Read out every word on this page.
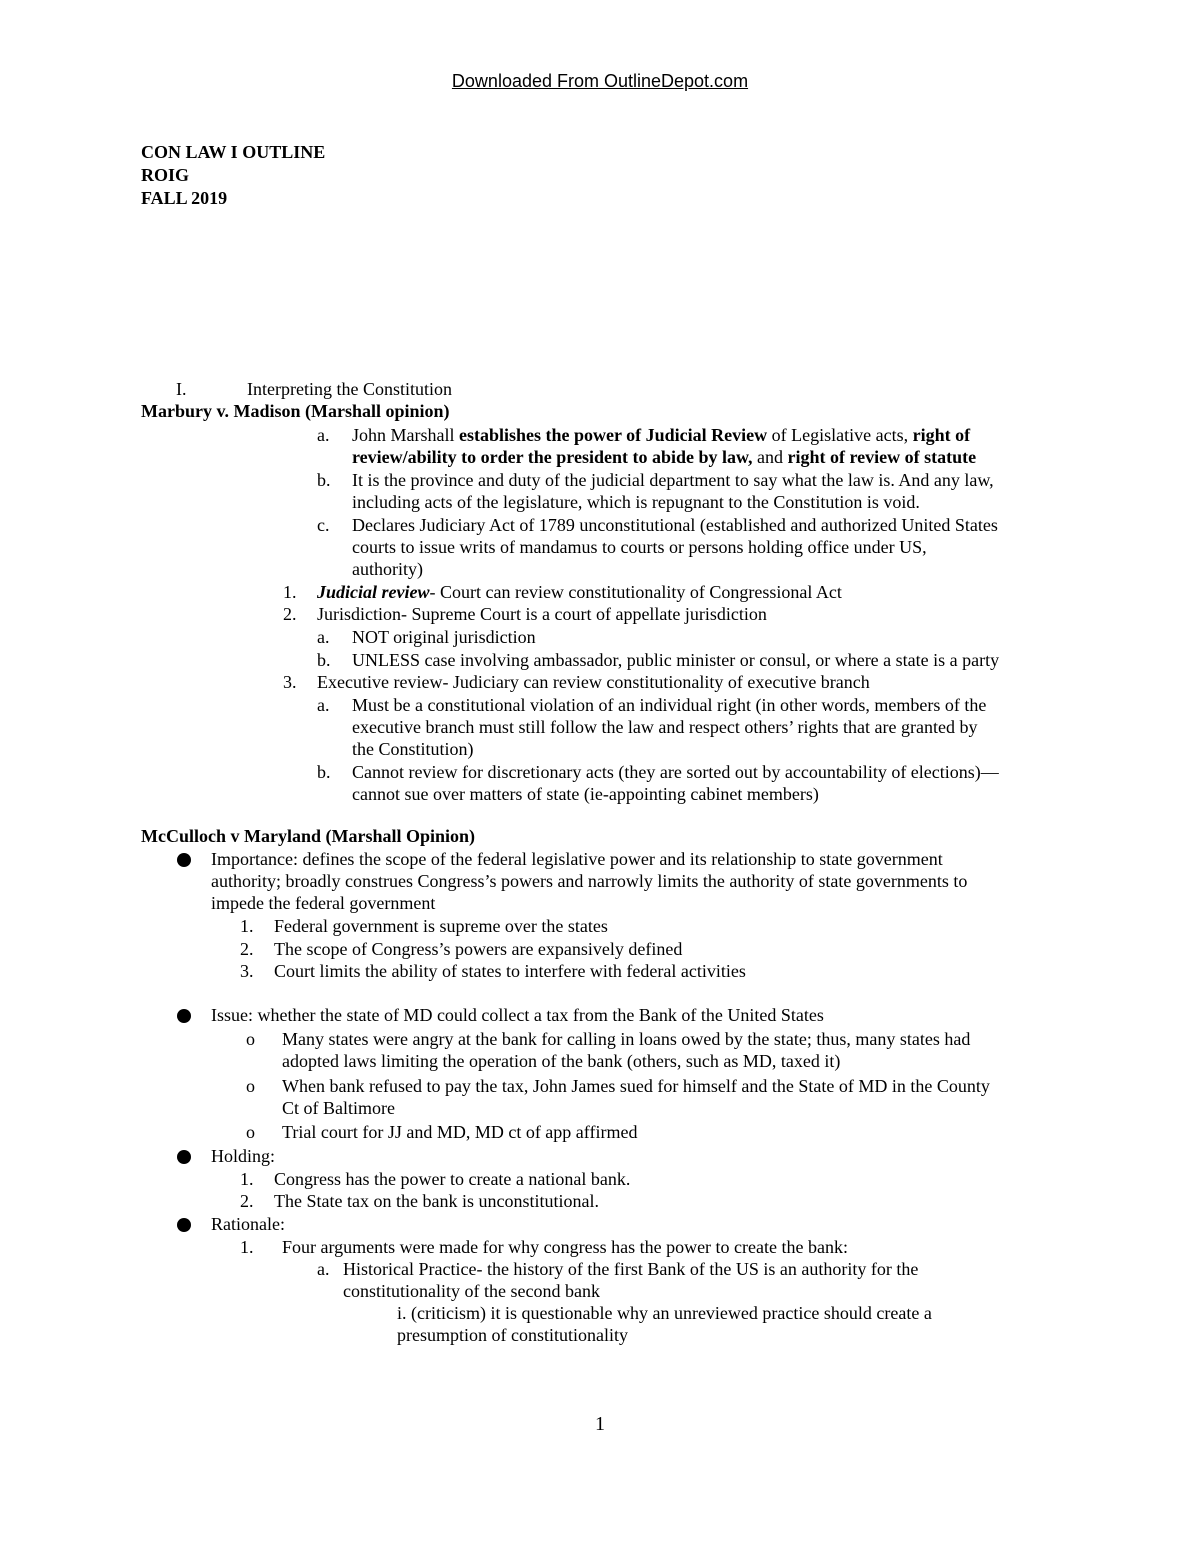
Downloaded From OutlineDepot.com
CON LAW I OUTLINE
ROIG
FALL 2019
I.	Interpreting the Constitution
Marbury v. Madison (Marshall opinion)
a. John Marshall establishes the power of Judicial Review of Legislative acts, right of
review/ability to order the president to abide by law, and right of review of statute
b. It is the province and duty of the judicial department to say what the law is. And any law,
including acts of the legislature, which is repugnant to the Constitution is void.
c. Declares Judiciary Act of 1789 unconstitutional (established and authorized United States
courts to issue writs of mandamus to courts or persons holding office under US,
authority)
1. Judicial review- Court can review constitutionality of Congressional Act
2. Jurisdiction- Supreme Court is a court of appellate jurisdiction
a. NOT original jurisdiction
b. UNLESS case involving ambassador, public minister or consul, or where a state is a party
3. Executive review- Judiciary can review constitutionality of executive branch
a. Must be a constitutional violation of an individual right (in other words, members of the
executive branch must still follow the law and respect others’ rights that are granted by
the Constitution)
b. Cannot review for discretionary acts (they are sorted out by accountability of elections)—
cannot sue over matters of state (ie-appointing cabinet members)
McCulloch v Maryland (Marshall Opinion)
Importance: defines the scope of the federal legislative power and its relationship to state government
authority; broadly construes Congress’s powers and narrowly limits the authority of state governments to
impede the federal government
1. Federal government is supreme over the states
2. The scope of Congress’s powers are expansively defined
3. Court limits the ability of states to interfere with federal activities
Issue: whether the state of MD could collect a tax from the Bank of the United States
o Many states were angry at the bank for calling in loans owed by the state; thus, many states had
adopted laws limiting the operation of the bank (others, such as MD, taxed it)
o When bank refused to pay the tax, John James sued for himself and the State of MD in the County
Ct of Baltimore
o Trial court for JJ and MD, MD ct of app affirmed
Holding:
1. Congress has the power to create a national bank.
2. The State tax on the bank is unconstitutional.
Rationale:
1. Four arguments were made for why congress has the power to create the bank:
a. Historical Practice- the history of the first Bank of the US is an authority for the
constitutionality of the second bank
i. (criticism) it is questionable why an unreviewed practice should create a
presumption of constitutionality
1
